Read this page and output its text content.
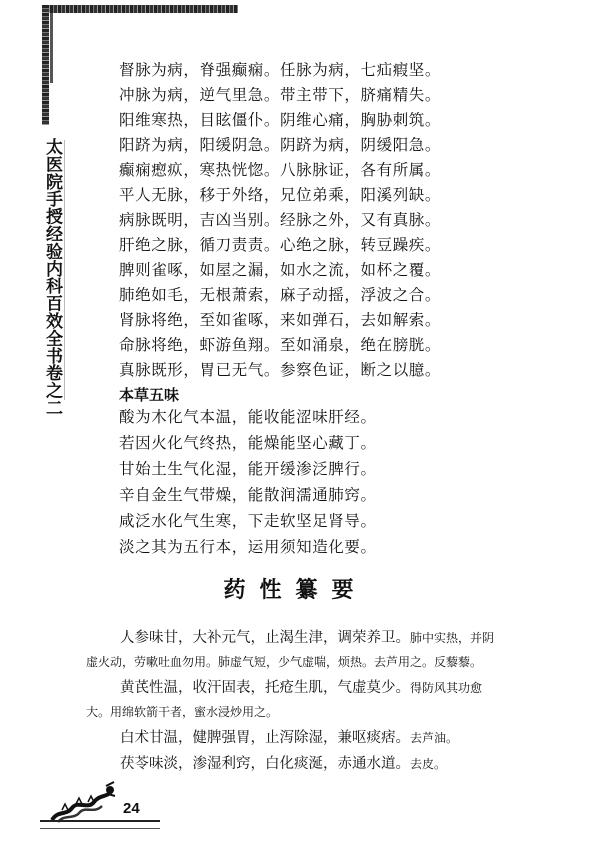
太医院手授经验内科百效全书卷之二
督脉为病，脊强癫痫。任脉为病，七疝瘕坚。
冲脉为病，逆气里急。带主带下，脐痛精失。
阳维寒热，目眩僵仆。阴维心痛，胸胁刺筑。
阳跻为病，阳缓阴急。阴跻为病，阴缓阳急。
癫痫瘛疭，寒热恍惚。八脉脉证，各有所属。
平人无脉，移于外络，兄位弟乘，阳溪列缺。
病脉既明，吉凶当别。经脉之外，又有真脉。
肝绝之脉，循刀责责。心绝之脉，转豆躁疾。
脾则雀啄，如屋之漏，如水之流，如杯之覆。
肺绝如毛，无根萧索，麻子动摇，浮波之合。
肾脉将绝，至如雀啄，来如弹石，去如解索。
命脉将绝，虾游鱼翔。至如涌泉，绝在膀胱。
真脉既形，胃已无气。参察色证，断之以臆。
本草五味
酸为木化气本温，能收能涩味肝经。
若因火化气终热，能燥能坚心藏丁。
甘始土生气化湿，能开缓渗泛脾行。
辛自金生气带燥，能散润濡通肺窍。
咸泛水化气生寒，下走软坚足肾导。
淡之其为五行本，运用须知造化要。
药性纂要

人参味甘，大补元气，止渴生津，调荣养卫。肺中实热，并阴虚火动，劳嗽吐血勿用。肺虚气短，少气虚喘，烦热。去芦用之。反藜藜。

黄芪性温，收汗固表，托疮生肌，气虚莫少。得防风其功愈大。用绵软箭干者，蜜水浸炒用之。

白术甘温，健脾强胃，止泻除湿，兼呕痰痞。去芦油。

茯苓味淡，渗湿利窍，白化痰涎，赤通水道。去皮。

24
